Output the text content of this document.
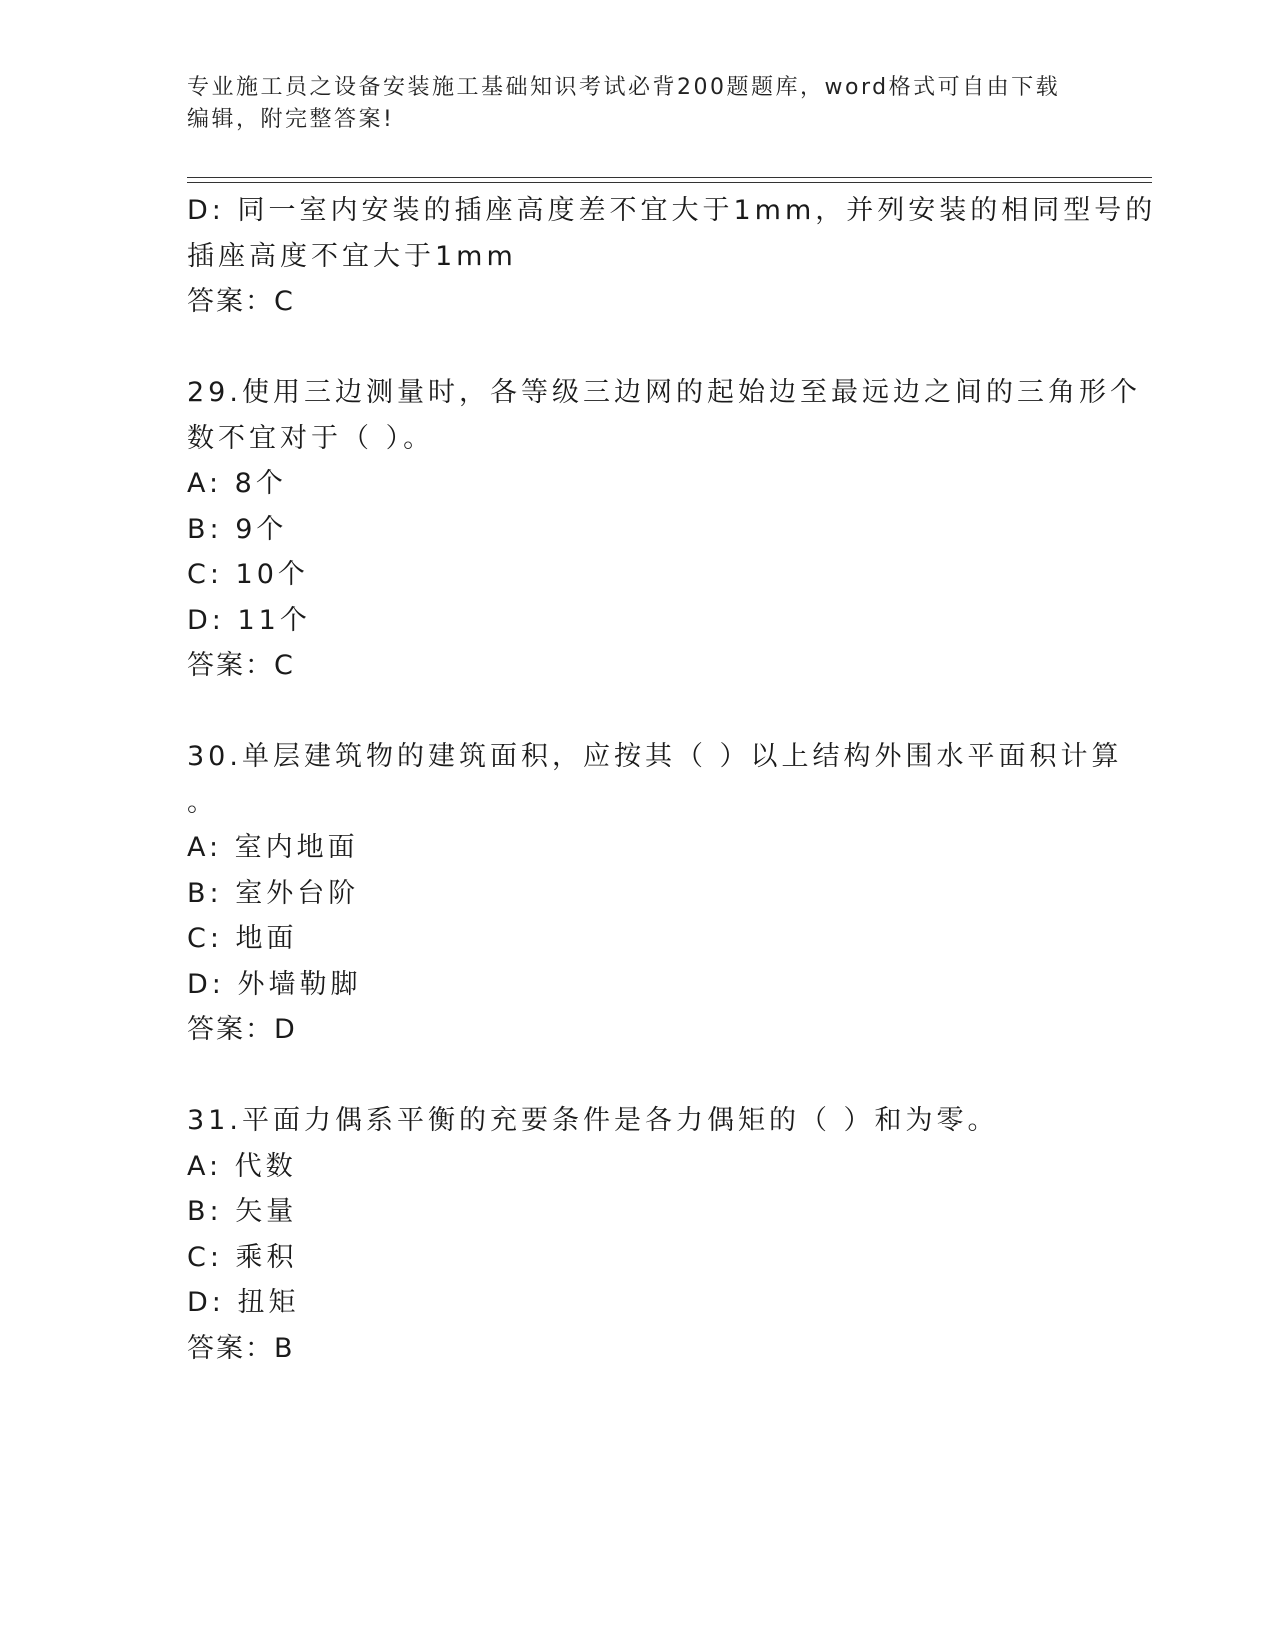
专业施工员之设备安装施工基础知识考试必背200题题库，word格式可自由下载
编辑，附完整答案!
D: 同一室内安装的插座高度差不宜大于1mm，并列安装的相同型号的
插座高度不宜大于1mm
答案：C
29.使用三边测量时，各等级三边网的起始边至最远边之间的三角形个
数不宜对于（ ）。
A: 8个
B: 9个
C: 10个
D: 11个
答案：C
30.单层建筑物的建筑面积，应按其（ ）以上结构外围水平面积计算
。
A: 室内地面
B: 室外台阶
C: 地面
D: 外墙勒脚
答案：D
31.平面力偶系平衡的充要条件是各力偶矩的（ ）和为零。
A: 代数
B: 矢量
C: 乘积
D: 扭矩
答案：B
